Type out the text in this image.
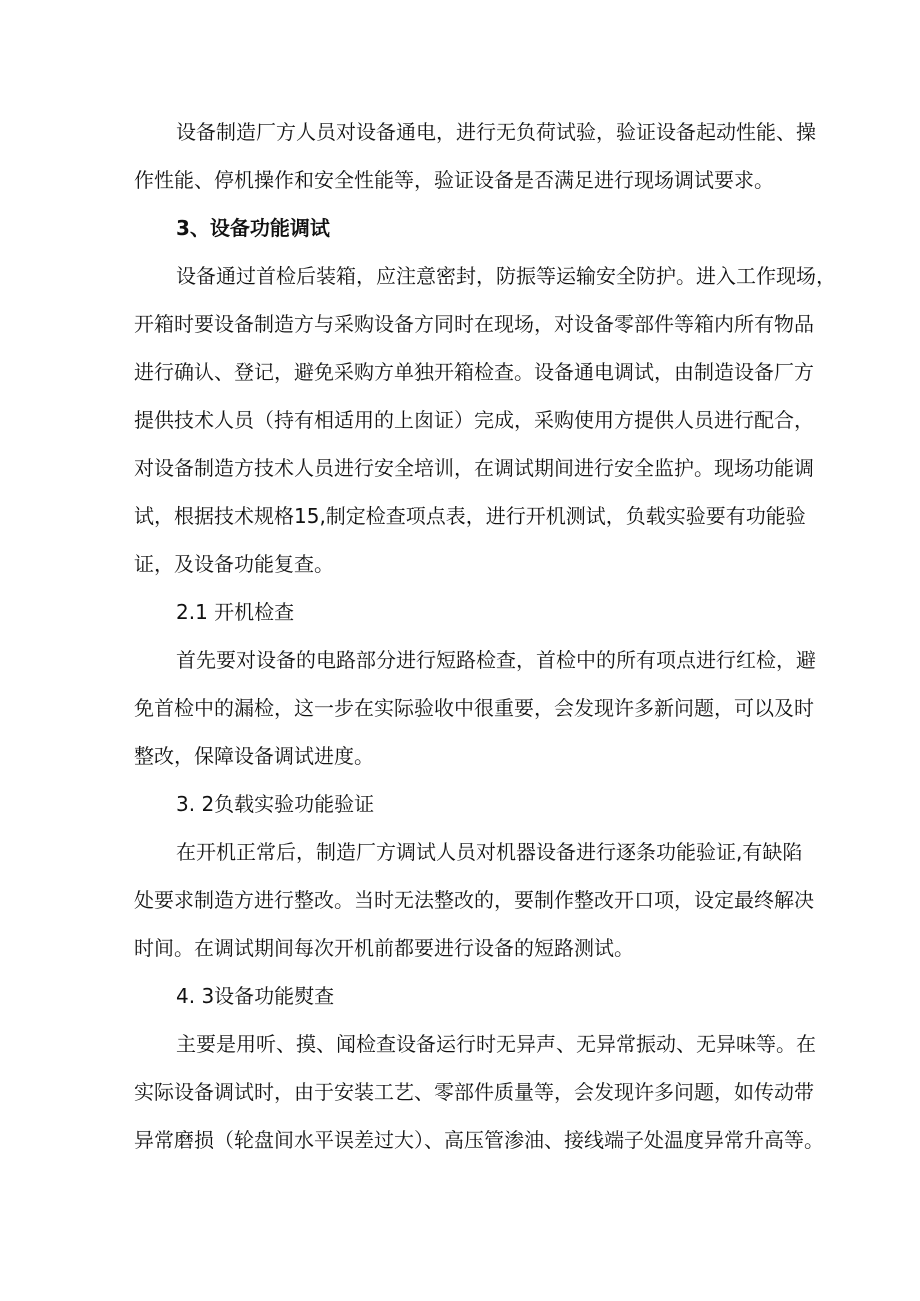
设备制造厂方人员对设备通电，进行无负荷试验，验证设备起动性能、操
作性能、停机操作和安全性能等，验证设备是否满足进行现场调试要求。
3、设备功能调试
设备通过首检后装箱，应注意密封，防振等运输安全防护。进入工作现场，
开箱时要设备制造方与采购设备方同时在现场，对设备零部件等箱内所有物品
进行确认、登记，避免采购方单独开箱检查。设备通电调试，由制造设备厂方
提供技术人员（持有相适用的上囱证）完成，采购使用方提供人员进行配合，
对设备制造方技术人员进行安全培训，在调试期间进行安全监护。现场功能调
试，根据技术规格15,制定检查项点表，进行开机测试，负载实验要有功能验
证，及设备功能复查。
2.1 开机检查
首先要对设备的电路部分进行短路检查，首检中的所有项点进行红检，避
免首检中的漏检，这一步在实际验收中很重要，会发现许多新问题，可以及时
整改，保障设备调试进度。
3. 2负载实验功能验证
在开机正常后，制造厂方调试人员对机器设备进行逐条功能验证,有缺陷
处要求制造方进行整改。当时无法整改的，要制作整改开口项，设定最终解决
时间。在调试期间每次开机前都要进行设备的短路测试。
4. 3设备功能熨查
主要是用听、摸、闻检查设备运行时无异声、无异常振动、无异味等。在
实际设备调试时，由于安装工艺、零部件质量等，会发现许多问题，如传动带
异常磨损（轮盘间水平误差过大）、高压管渗油、接线端子处温度异常升高等。
